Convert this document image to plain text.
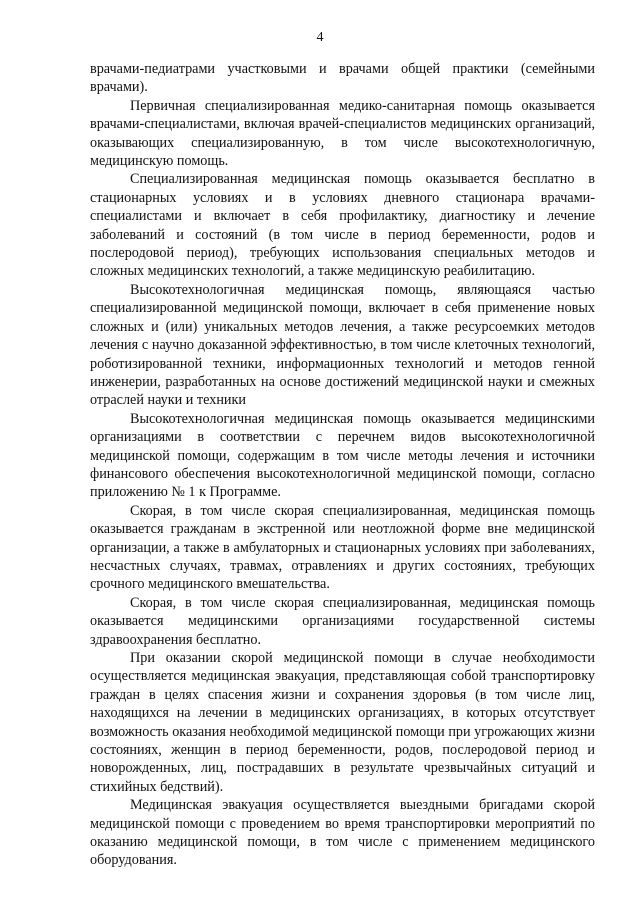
4

врачами-педиатрами участковыми и врачами общей практики (семейными врачами).

Первичная специализированная медико-санитарная помощь оказывается врачами-специалистами, включая врачей-специалистов медицинских организаций, оказывающих специализированную, в том числе высокотехнологичную, медицинскую помощь.

Специализированная медицинская помощь оказывается бесплатно в стационарных условиях и в условиях дневного стационара врачами-специалистами и включает в себя профилактику, диагностику и лечение заболеваний и состояний (в том числе в период беременности, родов и послеродовой период), требующих использования специальных методов и сложных медицинских технологий, а также медицинскую реабилитацию.

Высокотехнологичная медицинская помощь, являющаяся частью специализированной медицинской помощи, включает в себя применение новых сложных и (или) уникальных методов лечения, а также ресурсоемких методов лечения с научно доказанной эффективностью, в том числе клеточных технологий, роботизированной техники, информационных технологий и методов генной инженерии, разработанных на основе достижений медицинской науки и смежных отраслей науки и техники

Высокотехнологичная медицинская помощь оказывается медицинскими организациями в соответствии с перечнем видов высокотехнологичной медицинской помощи, содержащим в том числе методы лечения и источники финансового обеспечения высокотехнологичной медицинской помощи, согласно приложению № 1 к Программе.

Скорая, в том числе скорая специализированная, медицинская помощь оказывается гражданам в экстренной или неотложной форме вне медицинской организации, а также в амбулаторных и стационарных условиях при заболеваниях, несчастных случаях, травмах, отравлениях и других состояниях, требующих срочного медицинского вмешательства.

Скорая, в том числе скорая специализированная, медицинская помощь оказывается медицинскими организациями государственной системы здравоохранения бесплатно.

При оказании скорой медицинской помощи в случае необходимости осуществляется медицинская эвакуация, представляющая собой транспортировку граждан в целях спасения жизни и сохранения здоровья (в том числе лиц, находящихся на лечении в медицинских организациях, в которых отсутствует возможность оказания необходимой медицинской помощи при угрожающих жизни состояниях, женщин в период беременности, родов, послеродовой период и новорожденных, лиц, пострадавших в результате чрезвычайных ситуаций и стихийных бедствий).

Медицинская эвакуация осуществляется выездными бригадами скорой медицинской помощи с проведением во время транспортировки мероприятий по оказанию медицинской помощи, в том числе с применением медицинского оборудования.
